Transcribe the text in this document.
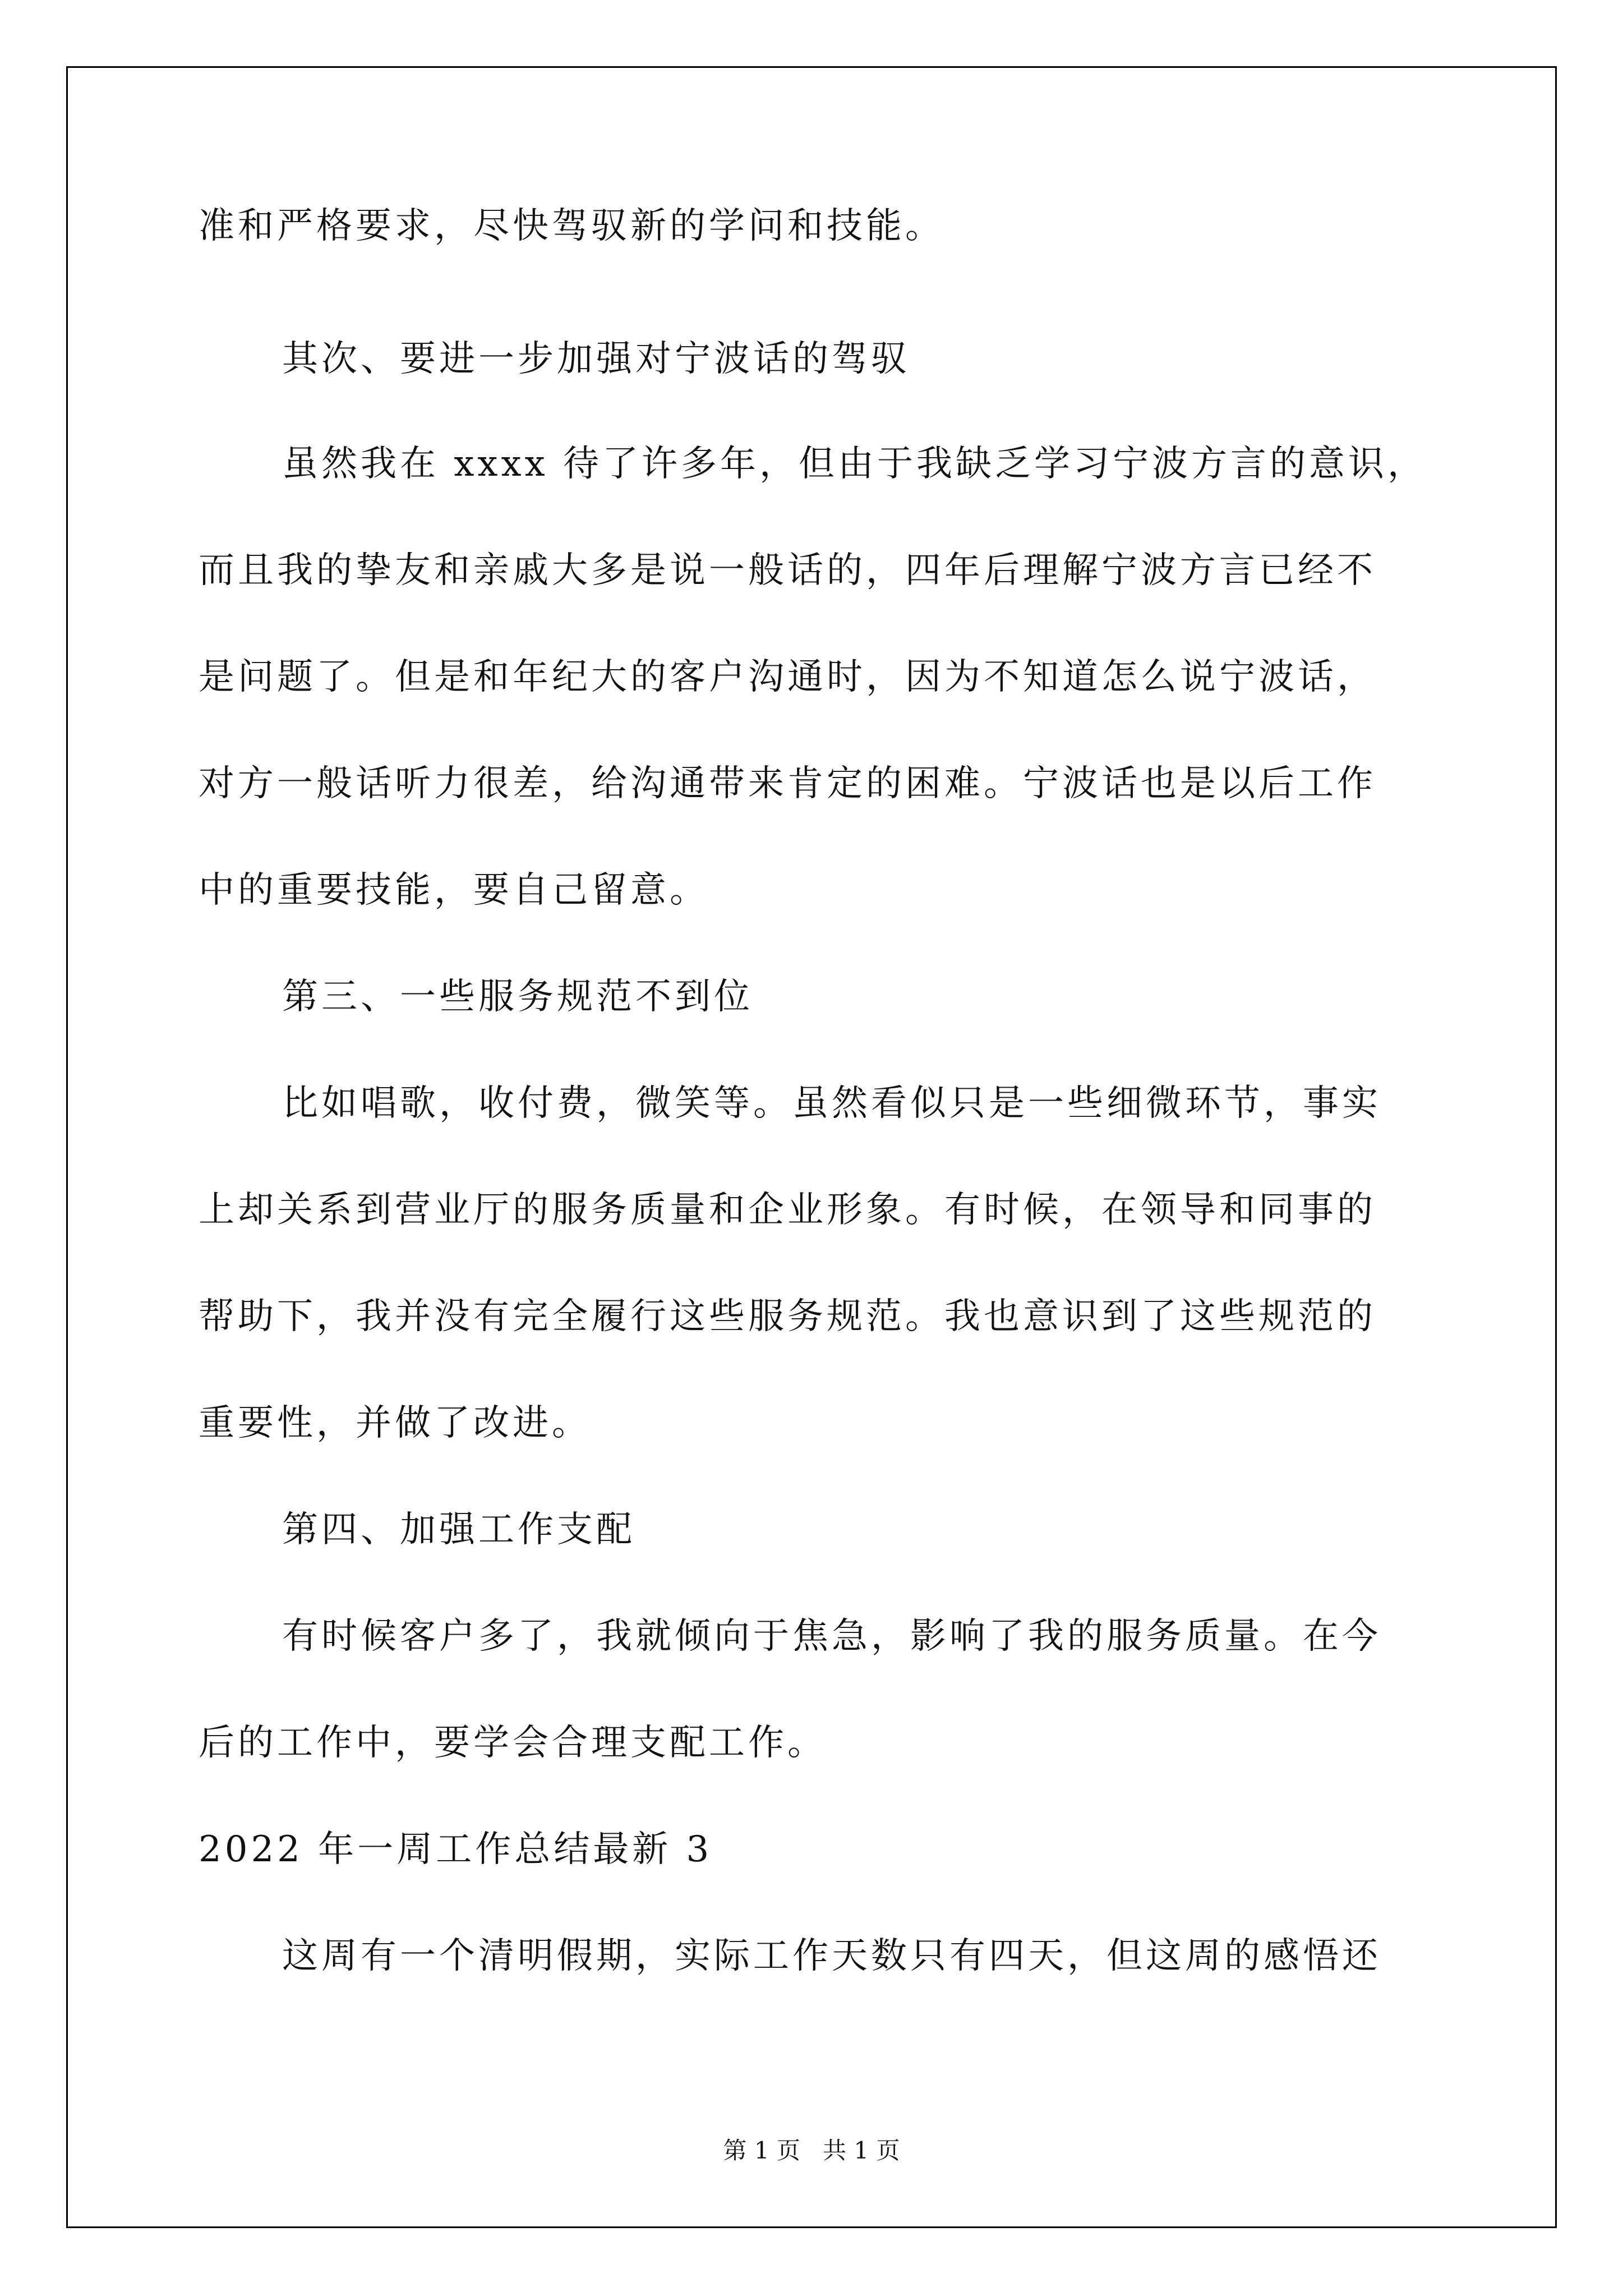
准和严格要求，尽快驾驭新的学问和技能。
其次、要进一步加强对宁波话的驾驭
虽然我在 xxxx 待了许多年，但由于我缺乏学习宁波方言的意识，
而且我的挚友和亲戚大多是说一般话的，四年后理解宁波方言已经不
是问题了。但是和年纪大的客户沟通时，因为不知道怎么说宁波话，
对方一般话听力很差，给沟通带来肯定的困难。宁波话也是以后工作
中的重要技能，要自己留意。
第三、一些服务规范不到位
比如唱歌，收付费，微笑等。虽然看似只是一些细微环节，事实
上却关系到营业厅的服务质量和企业形象。有时候，在领导和同事的
帮助下，我并没有完全履行这些服务规范。我也意识到了这些规范的
重要性，并做了改进。
第四、加强工作支配
有时候客户多了，我就倾向于焦急，影响了我的服务质量。在今
后的工作中，要学会合理支配工作。
2022 年一周工作总结最新 3
这周有一个清明假期，实际工作天数只有四天，但这周的感悟还
第 1 页   共 1 页
